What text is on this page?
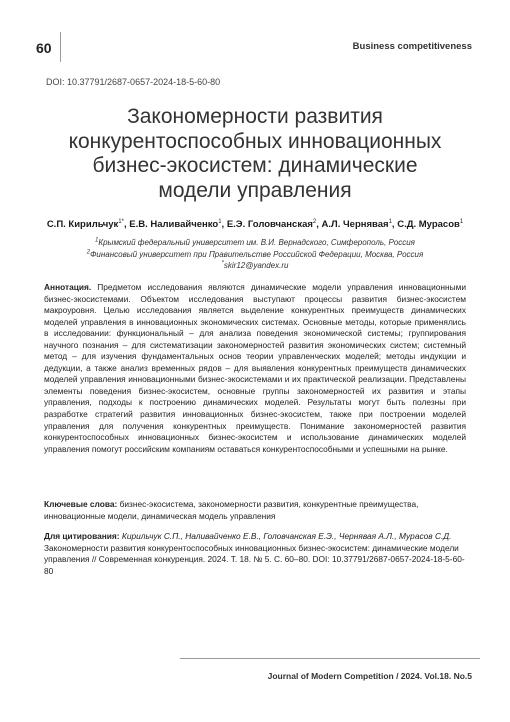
60	Business competitiveness
DOI: 10.37791/2687-0657-2024-18-5-60-80
Закономерности развития
конкурентоспособных инновационных
бизнес-экосистем: динамические
модели управления
С.П. Кирильчук$^{1*}$, Е.В. Наливайченко$^1$, Е.Э. Головчанская$^2$, А.Л. Чернявая$^1$, С.Д. Мурасов$^1$
$^1$Крымский федеральный университет им. В.И. Вернадского, Симферополь, Россия
$^2$Финансовый университет при Правительстве Российской Федерации, Москва, Россия
*skir12@yandex.ru
Аннотация. Предметом исследования являются динамические модели управления инновационными бизнес-экосистемами. Объектом исследования выступают процессы развития бизнес-экосистем макроуровня. Целью исследования является выделение конкурентных преимуществ динамических моделей управления в инновационных экономических системах. Основные методы, которые применялись в исследовании: функциональный – для анализа поведения экономической системы; группирования научного познания – для систематизации закономерностей развития экономических систем; системный метод – для изучения фундаментальных основ теории управленческих моделей; методы индукции и дедукции, а также анализ временных рядов – для выявления конкурентных преимуществ динамических моделей управления инновационными бизнес-экосистемами и их практической реализации. Представлены элементы поведения бизнес-экосистем, основные группы закономерностей их развития и этапы управления, подходы к построению динамических моделей. Результаты могут быть полезны при разработке стратегий развития инновационных бизнес-экосистем, также при построении моделей управления для получения конкурентных преимуществ. Понимание закономерностей развития конкурентоспособных инновационных бизнес-экосистем и использование динамических моделей управления помогут российским компаниям оставаться конкурентоспособными и успешными на рынке.
Ключевые слова: бизнес-экосистема, закономерности развития, конкурентные преимущества, инновационные модели, динамическая модель управления
Для цитирования: Кирильчук С.П., Наливайченко Е.В., Головчанская Е.Э., Чернявая А.Л., Мурасов С.Д. Закономерности развития конкурентоспособных инновационных бизнес-экосистем: динамические модели управления // Современная конкуренция. 2024. Т. 18. № 5. С. 60–80. DOI: 10.37791/2687-0657-2024-18-5-60-80
Journal of Modern Competition / 2024. Vol.18. No.5
